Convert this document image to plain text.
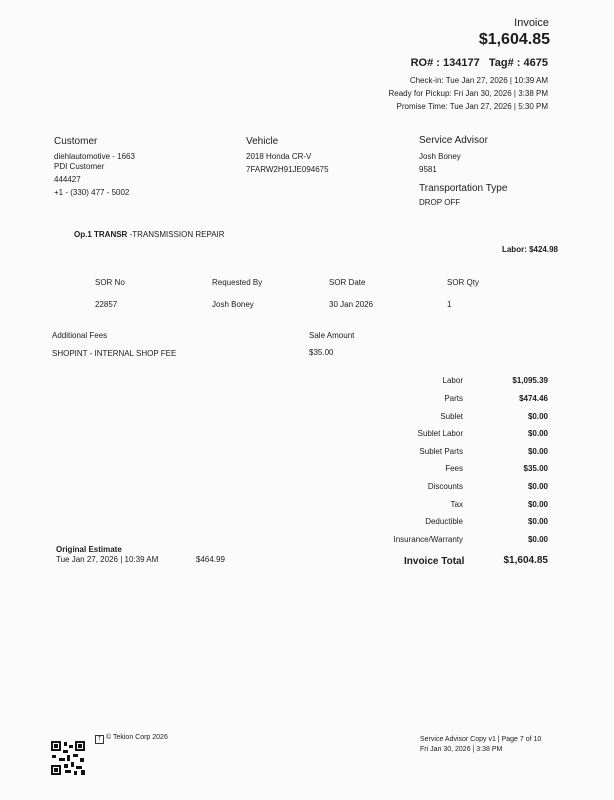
Invoice
$1,604.85
RO# : 134177 Tag# : 4675
Check-in: Tue Jan 27, 2026 | 10:39 AM
Ready for Pickup: Fri Jan 30, 2026 | 3:38 PM
Promise Time: Tue Jan 27, 2026 | 5:30 PM
Customer
diehlautomotive - 1663
PDI Customer
444427
+1 - (330) 477 - 5002
Vehicle
2018 Honda CR-V
7FARW2H91JE094675
Service Advisor
Josh Boney
9581
Transportation Type
DROP OFF
Op.1 TRANSR -TRANSMISSION REPAIR
Labor: $424.98
SOR No	Requested By	SOR Date	SOR Qty
22857	Josh Boney	30 Jan 2026	1
Additional Fees	Sale Amount
SHOPINT - INTERNAL SHOP FEE	$35.00
Labor	$1,095.39
Parts	$474.46
Sublet	$0.00
Sublet Labor	$0.00
Sublet Parts	$0.00
Fees	$35.00
Discounts	$0.00
Tax	$0.00
Deductible	$0.00
Insurance/Warranty	$0.00
Invoice Total	$1,604.85
Original Estimate
Tue Jan 27, 2026 | 10:39 AM	$464.99
T © Tekion Corp 2026	Service Advisor Copy v1 | Page 7 of 10
Fri Jan 30, 2026 | 3:38 PM
